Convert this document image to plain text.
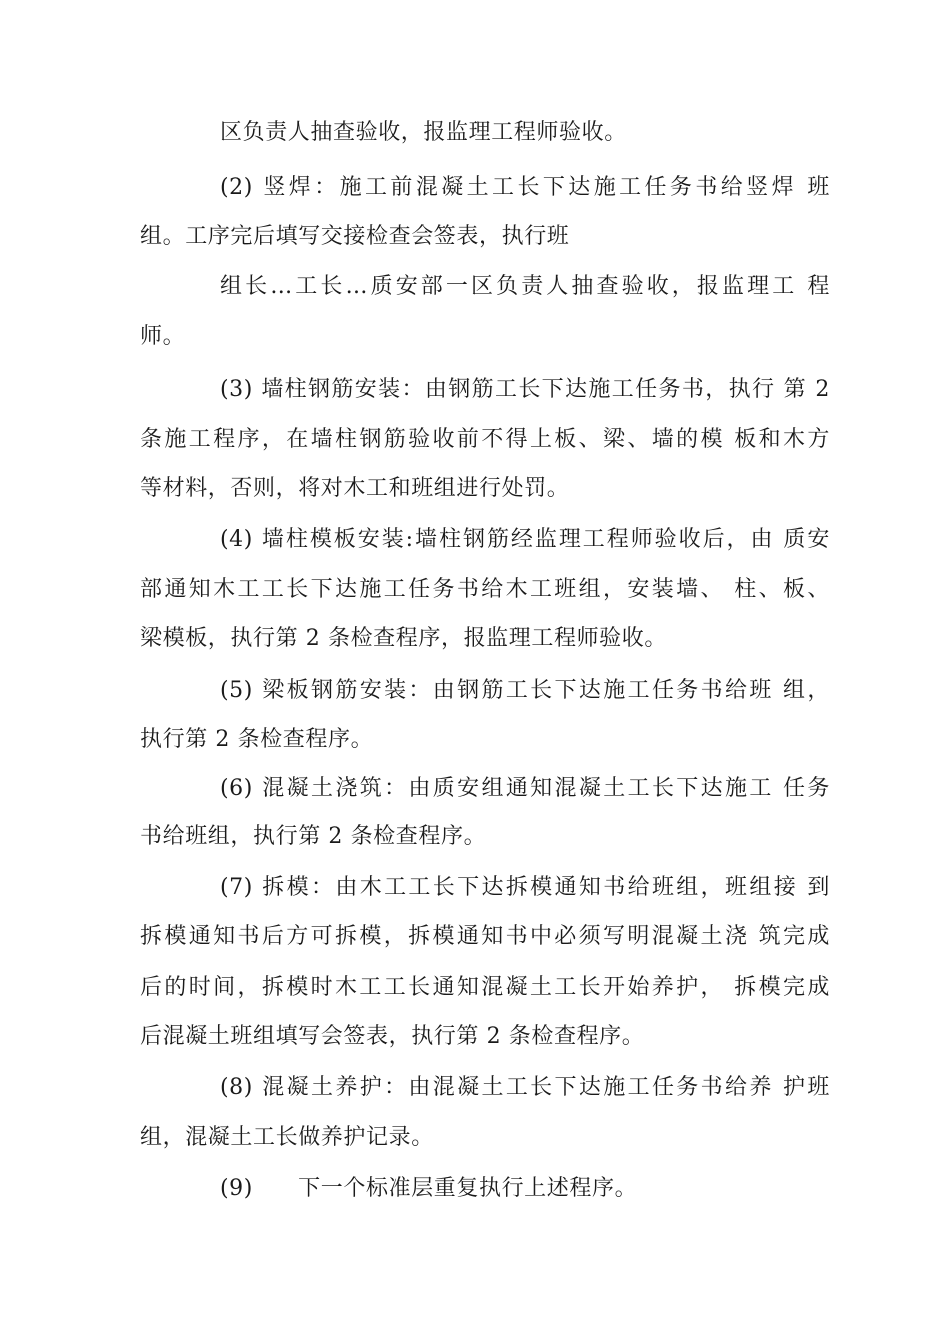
区负责人抽查验收，报监理工程师验收。
(2) 竖焊：施工前混凝土工长下达施工任务书给竖焊 班
组。工序完后填写交接检查会签表，执行班
组长…工长…质安部一区负责人抽查验收，报监理工 程
师。
(3) 墙柱钢筋安装：由钢筋工长下达施工任务书，执行 第 2
条施工程序，在墙柱钢筋验收前不得上板、梁、墙的模 板和木方
等材料，否则，将对木工和班组进行处罚。
(4) 墙柱模板安装:墙柱钢筋经监理工程师验收后，由 质安
部通知木工工长下达施工任务书给木工班组，安装墙、 柱、板、
梁模板，执行第 2 条检查程序，报监理工程师验收。
(5) 梁板钢筋安装：由钢筋工长下达施工任务书给班 组，
执行第 2 条检查程序。
(6) 混凝土浇筑：由质安组通知混凝土工长下达施工 任务
书给班组，执行第 2 条检查程序。
(7) 拆模：由木工工长下达拆模通知书给班组，班组接 到
拆模通知书后方可拆模，拆模通知书中必须写明混凝土浇 筑完成
后的时间，拆模时木工工长通知混凝土工长开始养护， 拆模完成
后混凝土班组填写会签表，执行第 2 条检查程序。
(8) 混凝土养护：由混凝土工长下达施工任务书给养 护班
组，混凝土工长做养护记录。
(9)　　下一个标准层重复执行上述程序。
